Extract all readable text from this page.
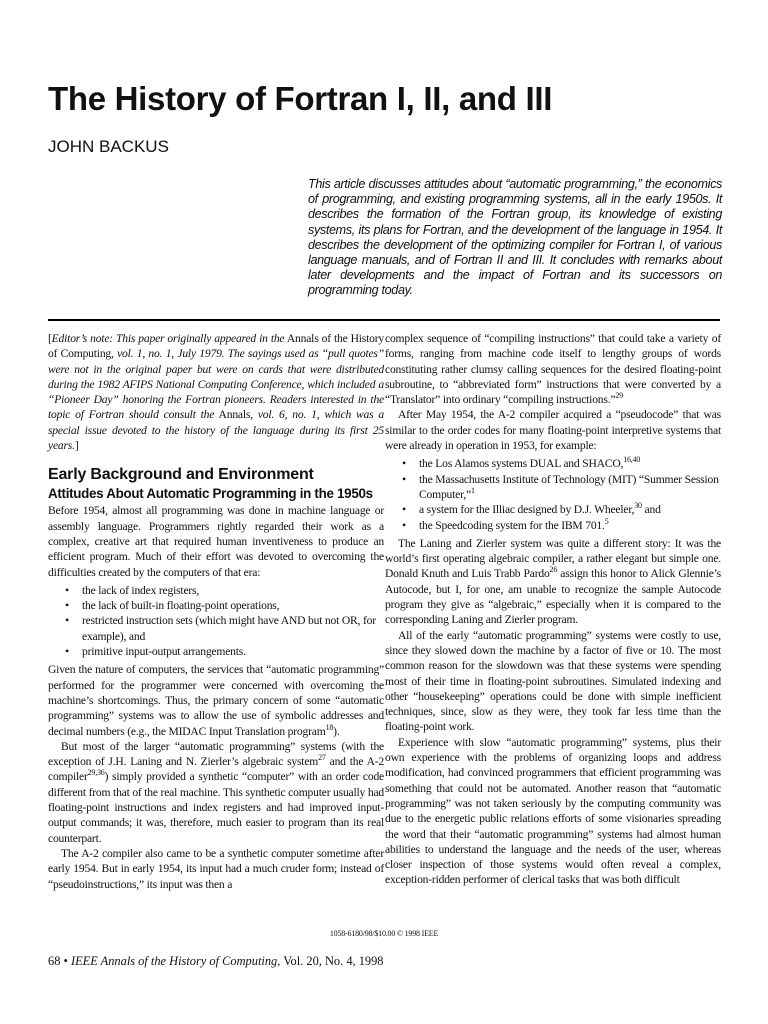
The History of Fortran I, II, and III
JOHN BACKUS

This article discusses attitudes about “automatic programming,” the economics of programming, and existing programming systems, all in the early 1950s. It describes the formation of the Fortran group, its knowledge of existing systems, its plans for Fortran, and the development of the language in 1954. It describes the development of the optimizing compiler for Fortran I, of various language manuals, and of Fortran II and III. It concludes with remarks about later developments and the impact of Fortran and its successors on programming today.

[Editor’s note: This paper originally appeared in the Annals of the History of Computing, vol. 1, no. 1, July 1979. The sayings used as “pull quotes” were not in the original paper but were on cards that were distributed during the 1982 AFIPS National Computing Conference, which included a “Pioneer Day” honoring the Fortran pioneers. Readers interested in the topic of Fortran should consult the Annals, vol. 6, no. 1, which was a special issue devoted to the history of the language during its first 25 years.]

Early Background and Environment
Attitudes About Automatic Programming in the 1950s

Before 1954, almost all programming was done in machine language or assembly language. Programmers rightly regarded their work as a complex, creative art that required human inventiveness to produce an efficient program. Much of their effort was devoted to overcoming the difficulties created by the computers of that era:

• the lack of index registers,
• the lack of built-in floating-point operations,
• restricted instruction sets (which might have AND but not OR, for example), and
• primitive input-output arrangements.

Given the nature of computers, the services that “automatic programming” performed for the programmer were concerned with overcoming the machine’s shortcomings. Thus, the primary concern of some “automatic programming” systems was to allow the use of symbolic addresses and decimal numbers (e.g., the MIDAC Input Translation program$^{18}$).

But most of the larger “automatic programming” systems (with the exception of J.H. Laning and N. Zierler’s algebraic system$^{27}$ and the A-2 compiler$^{29,36}$) simply provided a synthetic “computer” with an order code different from that of the real machine. This synthetic computer usually had floating-point instructions and index registers and had improved input-output commands; it was, therefore, much easier to program than its real counterpart.

The A-2 compiler also came to be a synthetic computer sometime after early 1954. But in early 1954, its input had a much cruder form; instead of “pseudoinstructions,” its input was then a

complex sequence of “compiling instructions” that could take a variety of forms, ranging from machine code itself to lengthy groups of words constituting rather clumsy calling sequences for the desired floating-point subroutine, to “abbreviated form” instructions that were converted by a “Translator” into ordinary “compiling instructions.”$^{29}$

After May 1954, the A-2 compiler acquired a “pseudocode” that was similar to the order codes for many floating-point interpretive systems that were already in operation in 1953, for example:

• the Los Alamos systems DUAL and SHACO,$^{16,40}$
• the Massachusetts Institute of Technology (MIT) “Summer Session Computer,”$^1$
• a system for the Illiac designed by D.J. Wheeler,$^{30}$ and
• the Speedcoding system for the IBM 701.$^5$

The Laning and Zierler system was quite a different story: It was the world’s first operating algebraic compiler, a rather elegant but simple one. Donald Knuth and Luis Trabb Pardo$^{26}$ assign this honor to Alick Glennie’s Autocode, but I, for one, am unable to recognize the sample Autocode program they give as “algebraic,” especially when it is compared to the corresponding Laning and Zierler program.

All of the early “automatic programming” systems were costly to use, since they slowed down the machine by a factor of five or 10. The most common reason for the slowdown was that these systems were spending most of their time in floating-point subroutines. Simulated indexing and other “housekeeping” operations could be done with simple inefficient techniques, since, slow as they were, they took far less time than the floating-point work.

Experience with slow “automatic programming” systems, plus their own experience with the problems of organizing loops and address modification, had convinced programmers that efficient programming was something that could not be automated. Another reason that “automatic programming” was not taken seriously by the computing community was due to the energetic public relations efforts of some visionaries spreading the word that their “automatic programming” systems had almost human abilities to understand the language and the needs of the user, whereas closer inspection of those systems would often reveal a complex, exception-ridden performer of clerical tasks that was both difficult

1058-6180/98/$10.00 © 1998 IEEE
68 • IEEE Annals of the History of Computing, Vol. 20, No. 4, 1998
